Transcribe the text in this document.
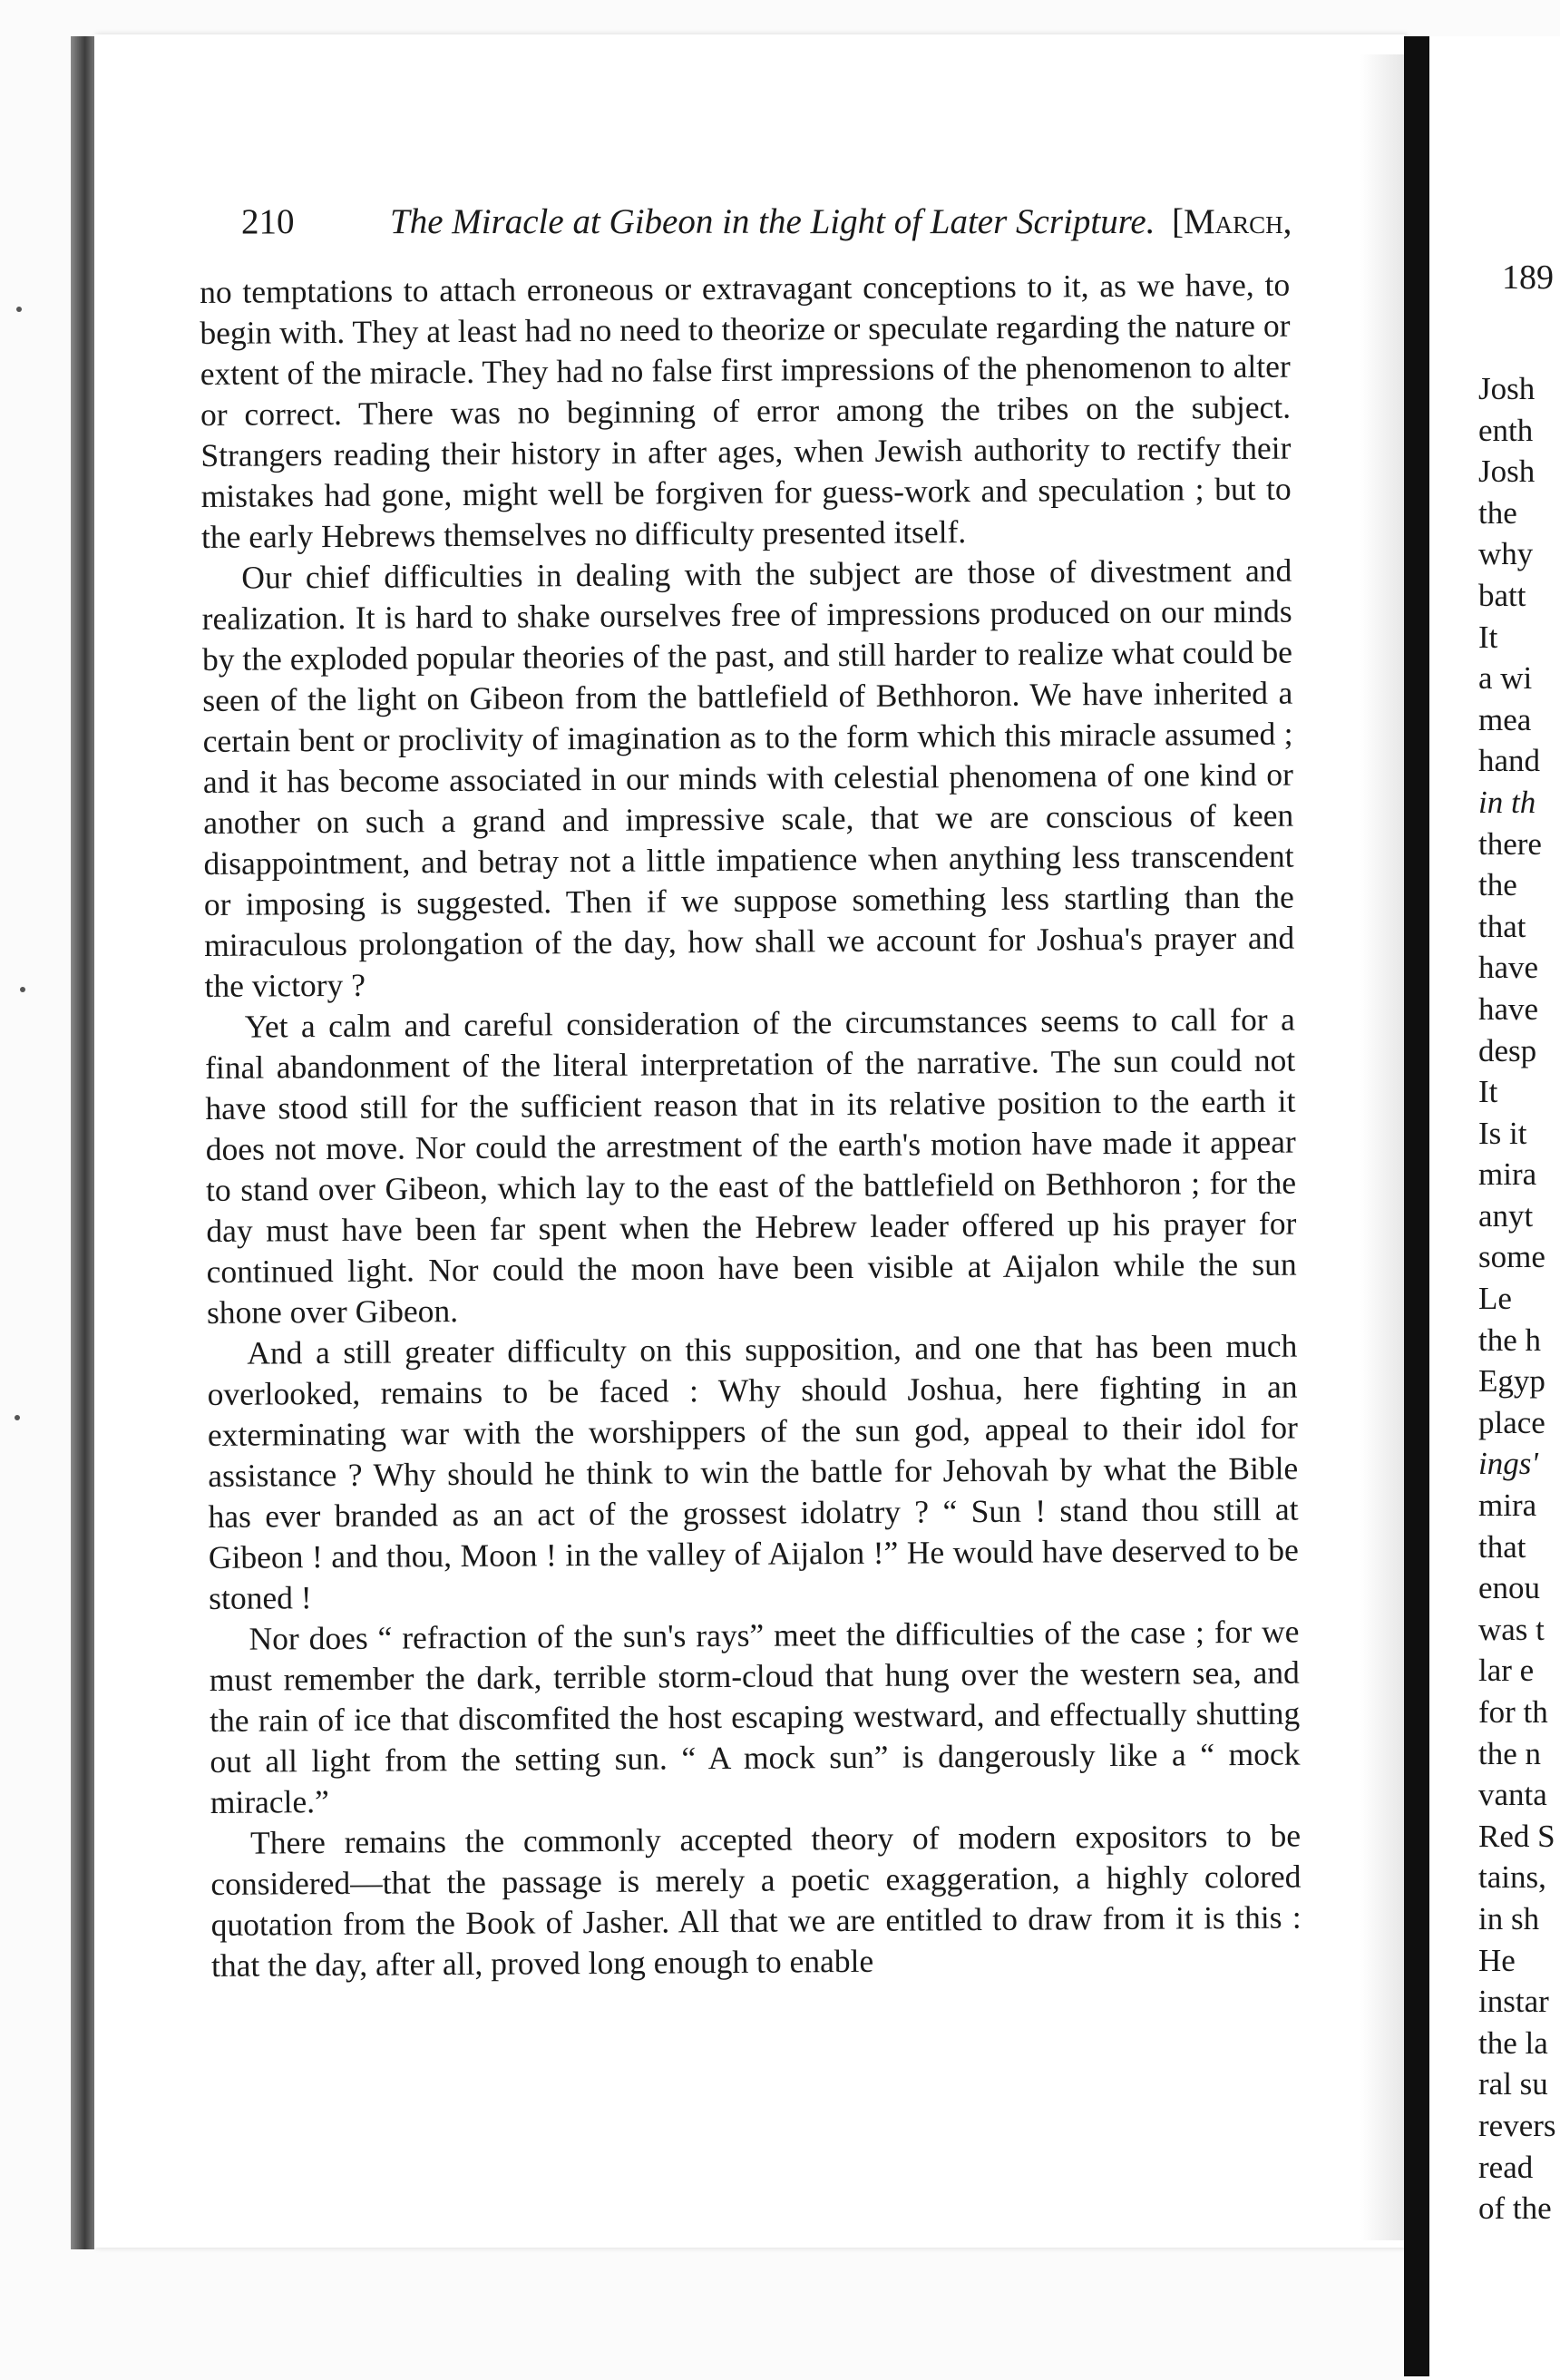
210	The Miracle at Gibeon in the Light of Later Scripture. [March,

no temptations to attach erroneous or extravagant conceptions to it, as we have, to begin with. They at least had no need to theorize or speculate regarding the nature or extent of the miracle. They had no false first impressions of the phenomenon to alter or correct. There was no beginning of error among the tribes on the subject. Strangers reading their history in after ages, when Jewish authority to rectify their mistakes had gone, might well be forgiven for guess-work and speculation ; but to the early Hebrews themselves no difficulty presented itself.

Our chief difficulties in dealing with the subject are those of divestment and realization. It is hard to shake ourselves free of impressions produced on our minds by the exploded popular theories of the past, and still harder to realize what could be seen of the light on Gibeon from the battlefield of Bethhoron. We have inherited a certain bent or proclivity of imagination as to the form which this miracle assumed ; and it has become associated in our minds with celestial phenomena of one kind or another on such a grand and impressive scale, that we are conscious of keen disappointment, and betray not a little impatience when anything less transcendent or imposing is suggested. Then if we suppose something less startling than the miraculous prolongation of the day, how shall we account for Joshua's prayer and the victory ?

Yet a calm and careful consideration of the circumstances seems to call for a final abandonment of the literal interpretation of the narrative. The sun could not have stood still for the sufficient reason that in its relative position to the earth it does not move. Nor could the arrestment of the earth's motion have made it appear to stand over Gibeon, which lay to the east of the battlefield on Bethhoron ; for the day must have been far spent when the Hebrew leader offered up his prayer for continued light. Nor could the moon have been visible at Aijalon while the sun shone over Gibeon.

And a still greater difficulty on this supposition, and one that has been much overlooked, remains to be faced : Why should Joshua, here fighting in an exterminating war with the worshippers of the sun god, appeal to their idol for assistance ? Why should he think to win the battle for Jehovah by what the Bible has ever branded as an act of the grossest idolatry ? “ Sun ! stand thou still at Gibeon ! and thou, Moon ! in the valley of Aijalon !” He would have deserved to be stoned !

Nor does “ refraction of the sun's rays” meet the difficulties of the case ; for we must remember the dark, terrible storm-cloud that hung over the western sea, and the rain of ice that discomfited the host escaping westward, and effectually shutting out all light from the setting sun. “ A mock sun” is dangerously like a “ mock miracle.”

There remains the commonly accepted theory of modern expositors to be considered—that the passage is merely a poetic exaggeration, a highly colored quotation from the Book of Jasher. All that we are entitled to draw from it is this : that the day, after all, proved long enough to enable

189
Josh
enth
Josh
the
why
batt
It
a wi
mea
hand
in th
there
the
that
have
have
desp
It
Is it
mira
anyt
some
Le
the h
Egyp
place
ings'
mira
that
enou
was t
lar e
for th
the n
vanta
Red S
tains,
in sh
He
instar
the la
ral su
revers
read
of the
